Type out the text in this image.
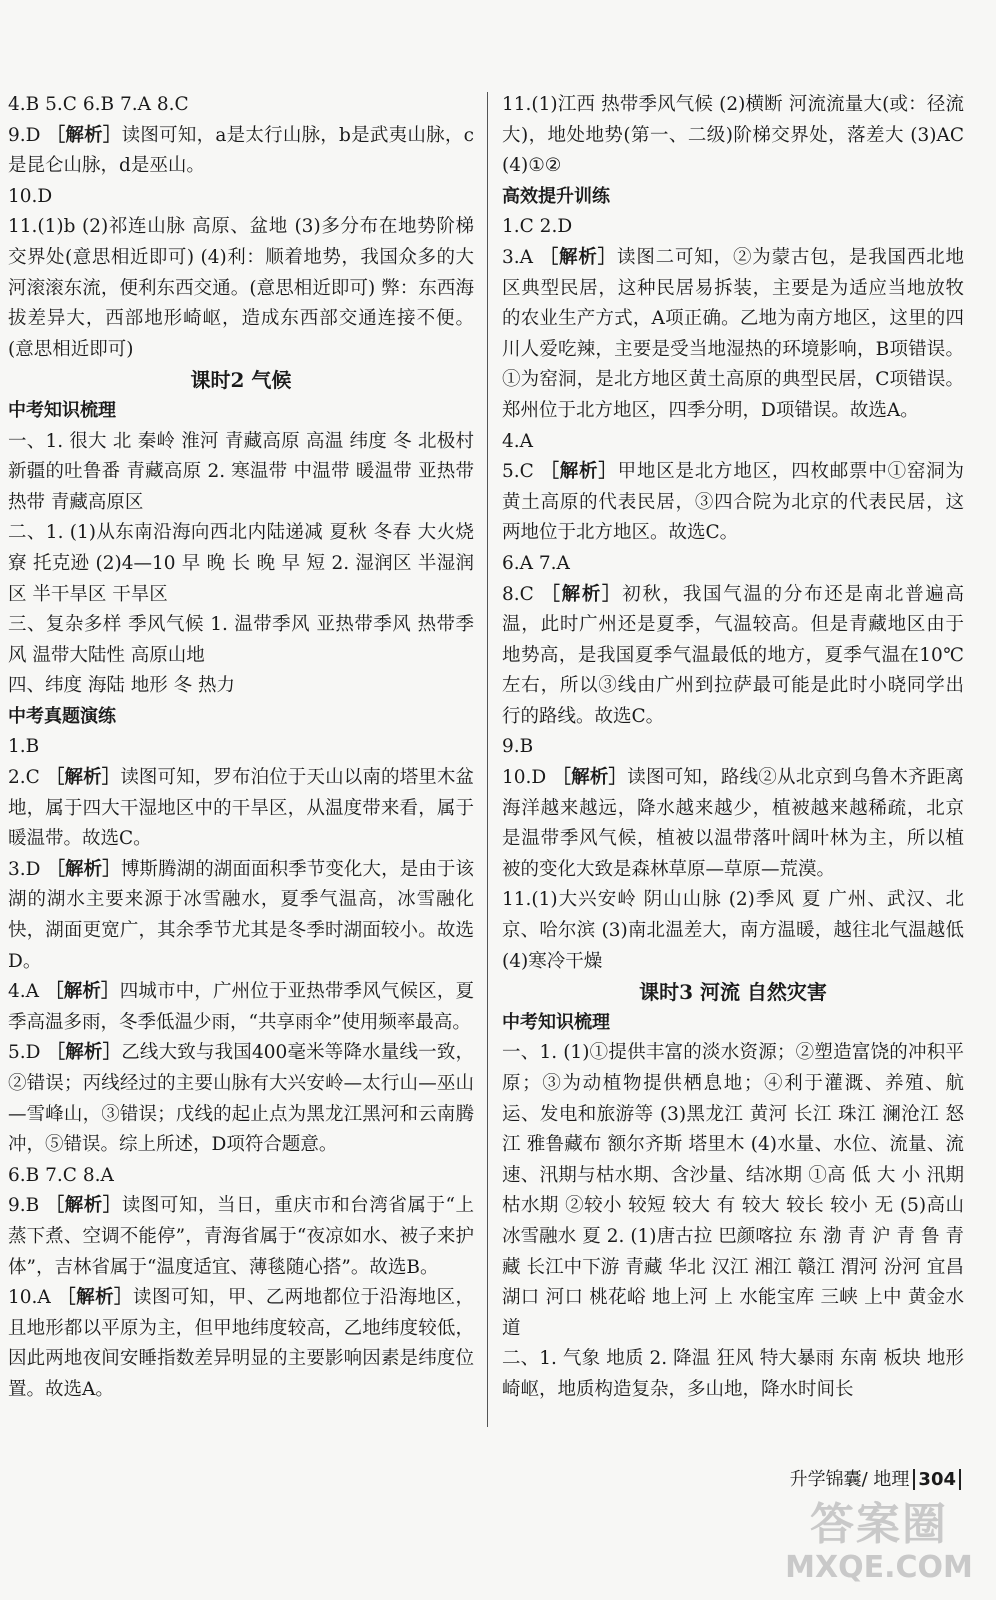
4.B 5.C 6.B 7.A 8.C
9.D ［解析］读图可知，a是太行山脉，b是武夷山脉，c是昆仑山脉，d是巫山。
10.D
11.(1)b (2)祁连山脉 高原、盆地 (3)多分布在地势阶梯交界处(意思相近即可) (4)利：顺着地势，我国众多的大河滚滚东流，便利东西交通。(意思相近即可) 弊：东西海拔差异大，西部地形崎岖，造成东西部交通连接不便。(意思相近即可)
课时2 气候
中考知识梳理
一、1. 很大 北 秦岭 淮河 青藏高原 高温 纬度 冬 北极村 新疆的吐鲁番 青藏高原 2. 寒温带 中温带 暖温带 亚热带 热带 青藏高原区
二、1. (1)从东南沿海向西北内陆递减 夏秋 冬春 大火烧寮 托克逊 (2)4—10 早 晚 长 晚 早 短 2. 湿润区 半湿润区 半干旱区 干旱区
三、复杂多样 季风气候 1. 温带季风 亚热带季风 热带季风 温带大陆性 高原山地
四、纬度 海陆 地形 冬 热力
中考真题演练
1.B
2.C ［解析］读图可知，罗布泊位于天山以南的塔里木盆地，属于四大干湿地区中的干旱区，从温度带来看，属于暖温带。故选C。
3.D ［解析］博斯腾湖的湖面面积季节变化大，是由于该湖的湖水主要来源于冰雪融水，夏季气温高，冰雪融化快，湖面更宽广，其余季节尤其是冬季时湖面较小。故选D。
4.A ［解析］四城市中，广州位于亚热带季风气候区，夏季高温多雨，冬季低温少雨，“共享雨伞”使用频率最高。
5.D ［解析］乙线大致与我国400毫米等降水量线一致，②错误；丙线经过的主要山脉有大兴安岭—太行山—巫山—雪峰山，③错误；戊线的起止点为黑龙江黑河和云南腾冲，⑤错误。综上所述，D项符合题意。
6.B 7.C 8.A
9.B ［解析］读图可知，当日，重庆市和台湾省属于“上蒸下煮、空调不能停”，青海省属于“夜凉如水、被子来护体”，吉林省属于“温度适宜、薄毯随心搭”。故选B。
10.A ［解析］读图可知，甲、乙两地都位于沿海地区，且地形都以平原为主，但甲地纬度较高，乙地纬度较低，因此两地夜间安睡指数差异明显的主要影响因素是纬度位置。故选A。
11.(1)江西 热带季风气候 (2)横断 河流流量大(或：径流大)，地处地势(第一、二级)阶梯交界处，落差大 (3)AC (4)①②
高效提升训练
1.C 2.D
3.A ［解析］读图二可知，②为蒙古包，是我国西北地区典型民居，这种民居易拆装，主要是为适应当地放牧的农业生产方式，A项正确。乙地为南方地区，这里的四川人爱吃辣，主要是受当地湿热的环境影响，B项错误。①为窑洞，是北方地区黄土高原的典型民居，C项错误。郑州位于北方地区，四季分明，D项错误。故选A。
4.A
5.C ［解析］甲地区是北方地区，四枚邮票中①窑洞为黄土高原的代表民居，③四合院为北京的代表民居，这两地位于北方地区。故选C。
6.A 7.A
8.C ［解析］初秋，我国气温的分布还是南北普遍高温，此时广州还是夏季，气温较高。但是青藏地区由于地势高，是我国夏季气温最低的地方，夏季气温在10℃左右，所以③线由广州到拉萨最可能是此时小晓同学出行的路线。故选C。
9.B
10.D ［解析］读图可知，路线②从北京到乌鲁木齐距离海洋越来越远，降水越来越少，植被越来越稀疏，北京是温带季风气候，植被以温带落叶阔叶林为主，所以植被的变化大致是森林草原—草原—荒漠。
11.(1)大兴安岭 阴山山脉 (2)季风 夏 广州、武汉、北京、哈尔滨 (3)南北温差大，南方温暖，越往北气温越低 (4)寒冷干燥
课时3 河流 自然灾害
中考知识梳理
一、1. (1)①提供丰富的淡水资源；②塑造富饶的冲积平原；③为动植物提供栖息地；④利于灌溉、养殖、航运、发电和旅游等 (3)黑龙江 黄河 长江 珠江 澜沧江 怒江 雅鲁藏布 额尔齐斯 塔里木 (4)水量、水位、流量、流速、汛期与枯水期、含沙量、结冰期 ①高 低 大 小 汛期 枯水期 ②较小 较短 较大 有 较大 较长 较小 无 (5)高山冰雪融水 夏 2. (1)唐古拉 巴颜喀拉 东 渤 青 沪 青 鲁 青藏 长江中下游 青藏 华北 汉江 湘江 赣江 渭河 汾河 宜昌 湖口 河口 桃花峪 地上河 上 水能宝库 三峡 上中 黄金水道
二、1. 气象 地质 2. 降温 狂风 特大暴雨 东南 板块 地形崎岖，地质构造复杂，多山地，降水时间长
升学锦囊/ 地理 304
答案圈
MXQE.COM
